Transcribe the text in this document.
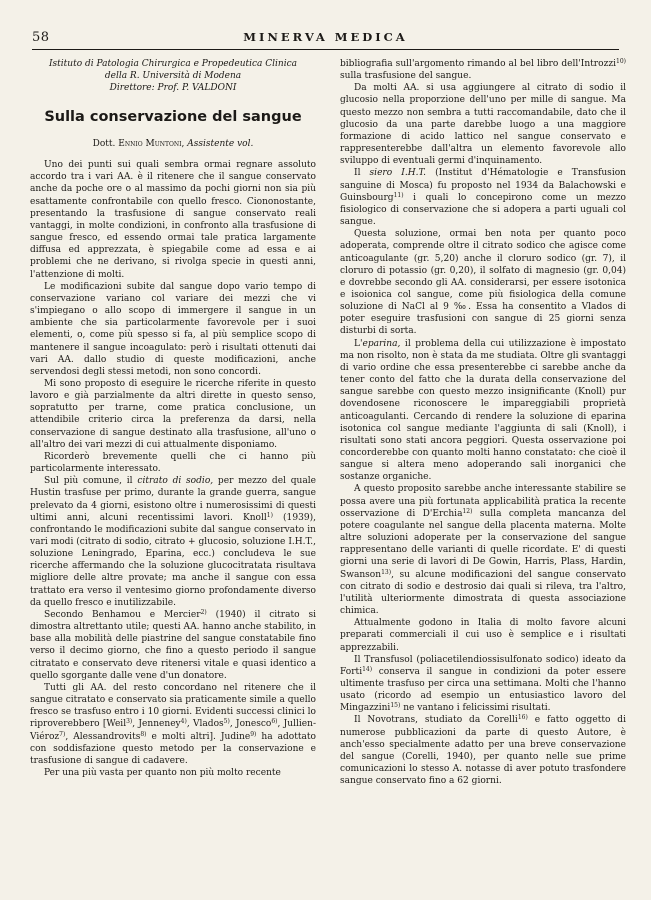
58	MINERVA MEDICA
Istituto di Patologia Chirurgica e Propedeutica Clinica
della R. Università di Modena
Direttore: Prof. P. VALDONI
Sulla conservazione del sangue
Dott. Ennio Muntoni, Assistente vol.

Uno dei punti sui quali sembra ormai regnare assoluto accordo tra i vari AA. è il ritenere che il sangue conservato anche da poche ore o al massimo da pochi giorni non sia più esattamente confrontabile con quello fresco. Ciononostante, presentando la trasfusione di sangue conservato reali vantaggi, in molte condizioni, in confronto alla trasfusione di sangue fresco, ed essendo ormai tale pratica largamente diffusa ed apprezzata, è spiegabile come ad essa e ai problemi che ne derivano, si rivolga specie in questi anni, l'attenzione di molti.

Le modificazioni subite dal sangue dopo vario tempo di conservazione variano col variare dei mezzi che vi s'impiegano o allo scopo di immergere il sangue in un ambiente che sia particolarmente favorevole per i suoi elementi, o, come più spesso si fa, al più semplice scopo di mantenere il sangue incoagulato: però i risultati ottenuti dai vari AA. dallo studio di queste modificazioni, anche servendosi degli stessi metodi, non sono concordi.

Mi sono proposto di eseguire le ricerche riferite in questo lavoro e già parzialmente da altri dirette in questo senso, sopratutto per trarne, come pratica conclusione, un attendibile criterio circa la preferenza da darsi, nella conservazione di sangue destinato alla trasfusione, all'uno o all'altro dei vari mezzi di cui attualmente disponiamo.

Ricorderò brevemente quelli che ci hanno più particolarmente interessato.

Sul più comune, il citrato di sodio, per mezzo del quale Hustin trasfuse per primo, durante la grande guerra, sangue prelevato da 4 giorni, esistono oltre i numerosissimi di questi ultimi anni, alcuni recentissimi lavori. Knoll$^{1)}$ (1939), confrontando le modificazioni subite dal sangue conservato in vari modi (citrato di sodio, citrato + glucosio, soluzione I.H.T., soluzione Leningrado, Eparina, ecc.) concludeva le sue ricerche affermando che la soluzione glucocitratata risultava migliore delle altre provate; ma anche il sangue con essa trattato era verso il ventesimo giorno profondamente diverso da quello fresco e inutilizzabile.

Secondo Benhamou e Mercier$^{2)}$ (1940) il citrato si dimostra altrettanto utile; questi AA. hanno anche stabilito, in base alla mobilità delle piastrine del sangue constatabile fino verso il decimo giorno, che fino a questo periodo il sangue citratato e conservato deve ritenersi vitale e quasi identico a quello sgorgante dalle vene d'un donatore.

Tutti gli AA. del resto concordano nel ritenere che il sangue citratato e conservato sia praticamente simile a quello fresco se trasfuso entro i 10 giorni. Evidenti successi clinici lo riproverebbero [Weil$^{3)}$, Jenneney$^{4)}$, Vlados$^{5)}$, Jonesco$^{6)}$, Jullien-Viéroz$^{7)}$, Alessandrovits$^{8)}$ e molti altri]. Judine$^{9)}$ ha adottato con soddisfazione questo metodo per la conservazione e trasfusione di sangue di cadavere.

Per una più vasta per quanto non più molto recente

bibliografia sull'argomento rimando al bel libro dell'Introzzi$^{10)}$ sulla trasfusione del sangue.

Da molti AA. si usa aggiungere al citrato di sodio il glucosio nella proporzione dell'uno per mille di sangue. Ma questo mezzo non sembra a tutti raccomandabile, dato che il glucosio da una parte darebbe luogo a una maggiore formazione di acido lattico nel sangue conservato e rappresenterebbe dall'altra un elemento favorevole allo sviluppo di eventuali germi d'inquinamento.

Il siero I.H.T. (Institut d'Hématologie e Transfusion sanguine di Mosca) fu proposto nel 1934 da Balachowski e Guinsbourg$^{11)}$ i quali lo concepirono come un mezzo fisiologico di conservazione che si adopera a parti uguali col sangue.

Questa soluzione, ormai ben nota per quanto poco adoperata, comprende oltre il citrato sodico che agisce come anticoagulante (gr. 5,20) anche il cloruro sodico (gr. 7), il cloruro di potassio (gr. 0,20), il solfato di magnesio (gr. 0,04) e dovrebbe secondo gli AA. considerarsi, per essere isotonica e isoionica col sangue, come più fisiologica della comune soluzione di NaCl al 9 ‰. Essa ha consentito a Vlados di poter eseguire trasfusioni con sangue di 25 giorni senza disturbi di sorta.

L'eparina, il problema della cui utilizzazione è impostato ma non risolto, non è stata da me studiata. Oltre gli svantaggi di vario ordine che essa presenterebbe ci sarebbe anche da tener conto del fatto che la durata della conservazione del sangue sarebbe con questo mezzo insignificante (Knoll) pur dovendosene riconoscere le impareggiabili proprietà anticoagulanti. Cercando di rendere la soluzione di eparina isotonica col sangue mediante l'aggiunta di sali (Knoll), i risultati sono stati ancora peggiori. Questa osservazione poi concorderebbe con quanto molti hanno constatato: che cioè il sangue si altera meno adoperando sali inorganici che sostanze organiche.

A questo proposito sarebbe anche interessante stabilire se possa avere una più fortunata applicabilità pratica la recente osservazione di D'Erchia$^{12)}$ sulla completa mancanza del potere coagulante nel sangue della placenta materna. Molte altre soluzioni adoperate per la conservazione del sangue rappresentano delle varianti di quelle ricordate. E' di questi giorni una serie di lavori di De Gowin, Harris, Plass, Hardin, Swanson$^{13)}$, su alcune modificazioni del sangue conservato con citrato di sodio e destrosio dai quali si rileva, tra l'altro, l'utilità ulteriormente dimostrata di questa associazione chimica.

Attualmente godono in Italia di molto favore alcuni preparati commerciali il cui uso è semplice e i risultati apprezzabili.

Il Transfusol (poliacetilendiossisulfonato sodico) ideato da Forti$^{14)}$ conserva il sangue in condizioni da poter essere ultimente trasfuso per circa una settimana. Molti che l'hanno usato (ricordo ad esempio un entusiastico lavoro del Mingazzini$^{15)}$ ne vantano i felicissimi risultati.

Il Novotrans, studiato da Corelli$^{16)}$ e fatto oggetto di numerose pubblicazioni da parte di questo Autore, è anch'esso specialmente adatto per una breve conservazione del sangue (Corelli, 1940), per quanto nelle sue prime comunicazioni lo stesso A. notasse di aver potuto trasfondere sangue conservato fino a 62 giorni.
